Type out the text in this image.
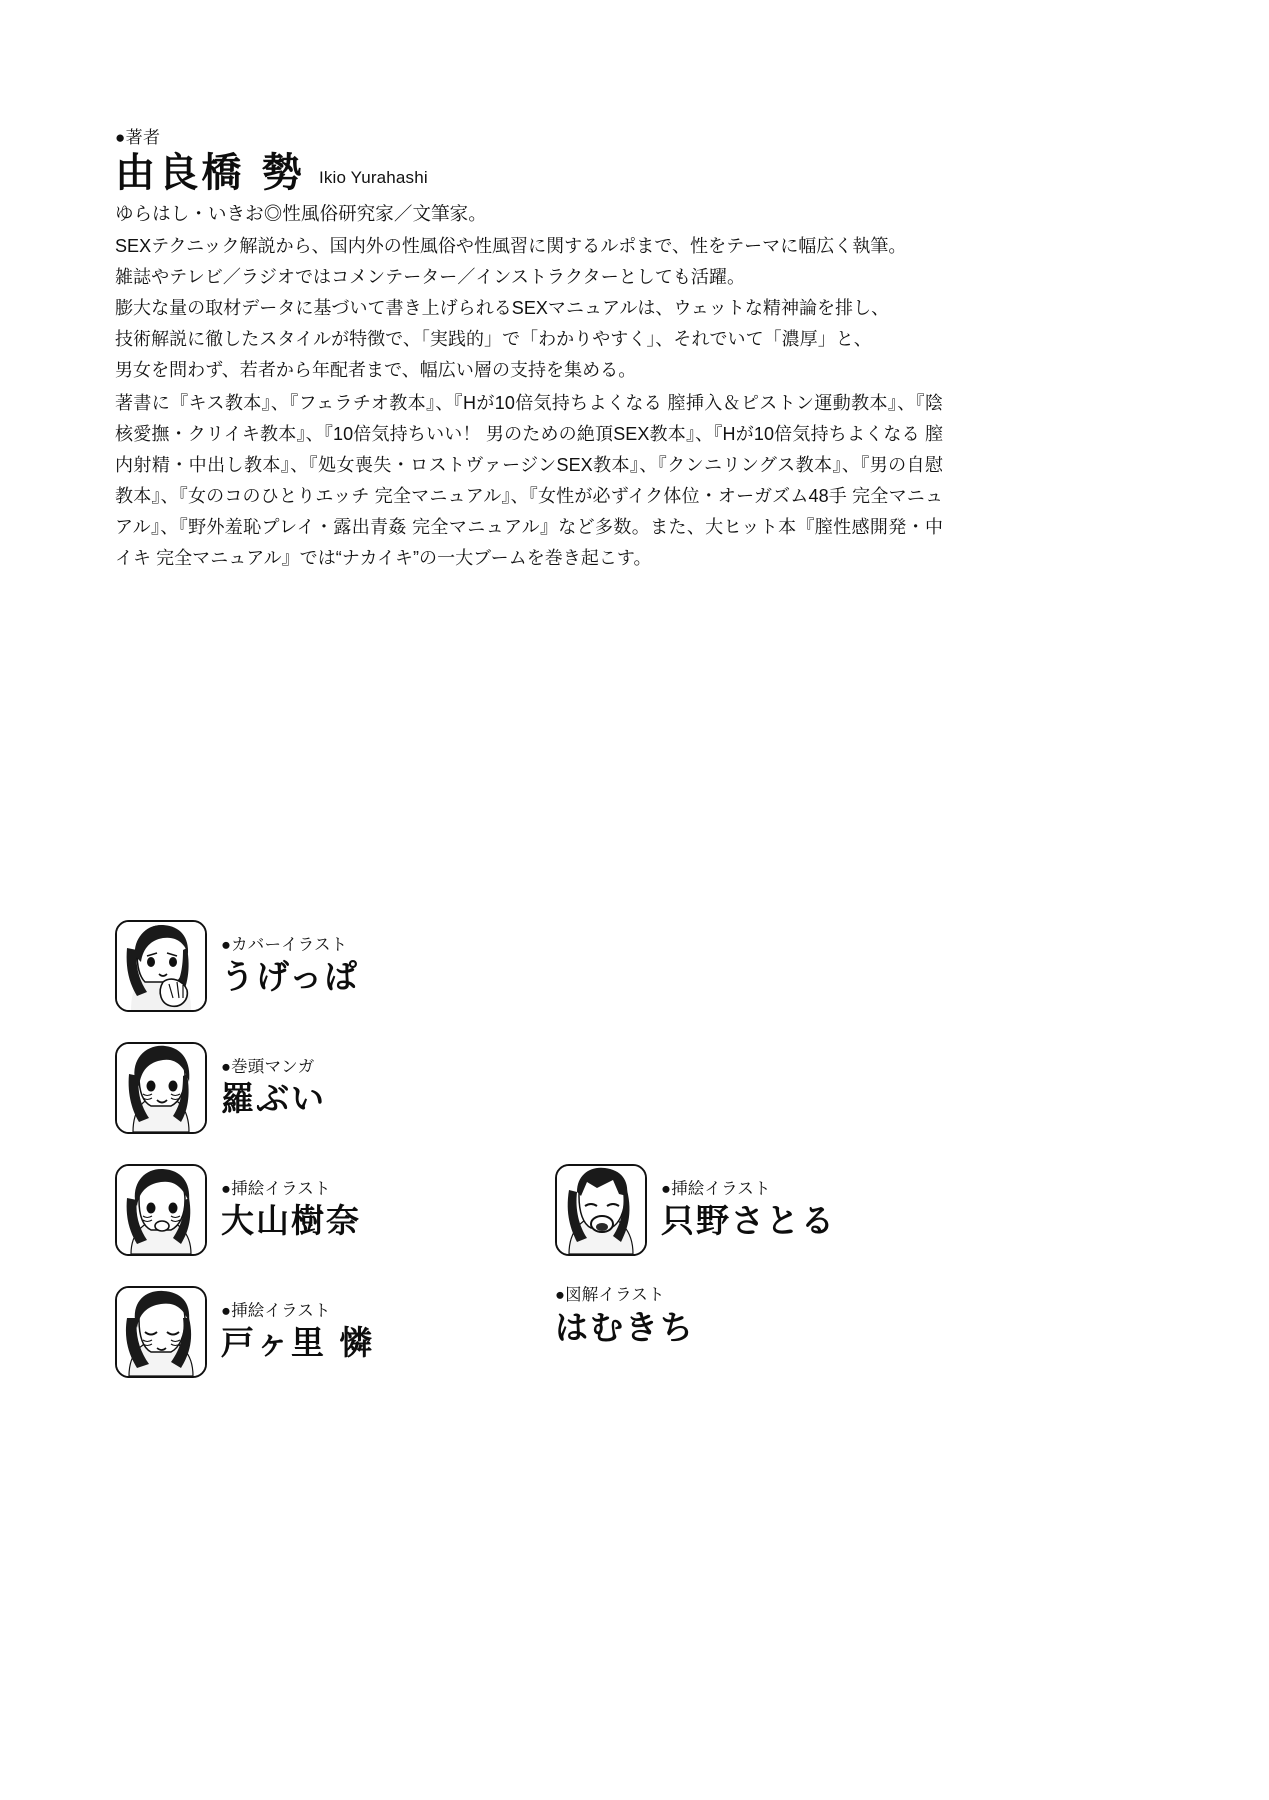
●著者
由良橋 勢 Ikio Yurahashi
ゆらはし・いきお◎性風俗研究家／文筆家。

SEXテクニック解説から、国内外の性風俗や性風習に関するルポまで、性をテーマに幅広く執筆。

雑誌やテレビ／ラジオではコメンテーター／インストラクターとしても活躍。

膨大な量の取材データに基づいて書き上げられるSEXマニュアルは、ウェットな精神論を排し、

技術解説に徹したスタイルが特徴で、「実践的」で「わかりやすく」、それでいて「濃厚」と、

男女を問わず、若者から年配者まで、幅広い層の支持を集める。

著書に『キス教本』、『フェラチオ教本』、『Hが10倍気持ちよくなる 膣挿入＆ピストン運動教本』、『陰核愛撫・クリイキ教本』、『10倍気持ちいい！ 男のための絶頂SEX教本』、『Hが10倍気持ちよくなる 膣内射精・中出し教本』、『処女喪失・ロストヴァージンSEX教本』、『クンニリングス教本』、『男の自慰教本』、『女のコのひとりエッチ 完全マニュアル』、『女性が必ずイク体位・オーガズム48手 完全マニュアル』、『野外羞恥プレイ・露出青姦 完全マニュアル』など多数。また、大ヒット本『膣性感開発・中イキ 完全マニュアル』では“ナカイキ”の一大ブームを巻き起こす。
●カバーイラスト
うげっぱ
●巻頭マンガ
羅ぶい
●挿絵イラスト
大山樹奈
●挿絵イラスト
只野さとる
●挿絵イラスト
戸ヶ里 憐
●図解イラスト
はむきち
